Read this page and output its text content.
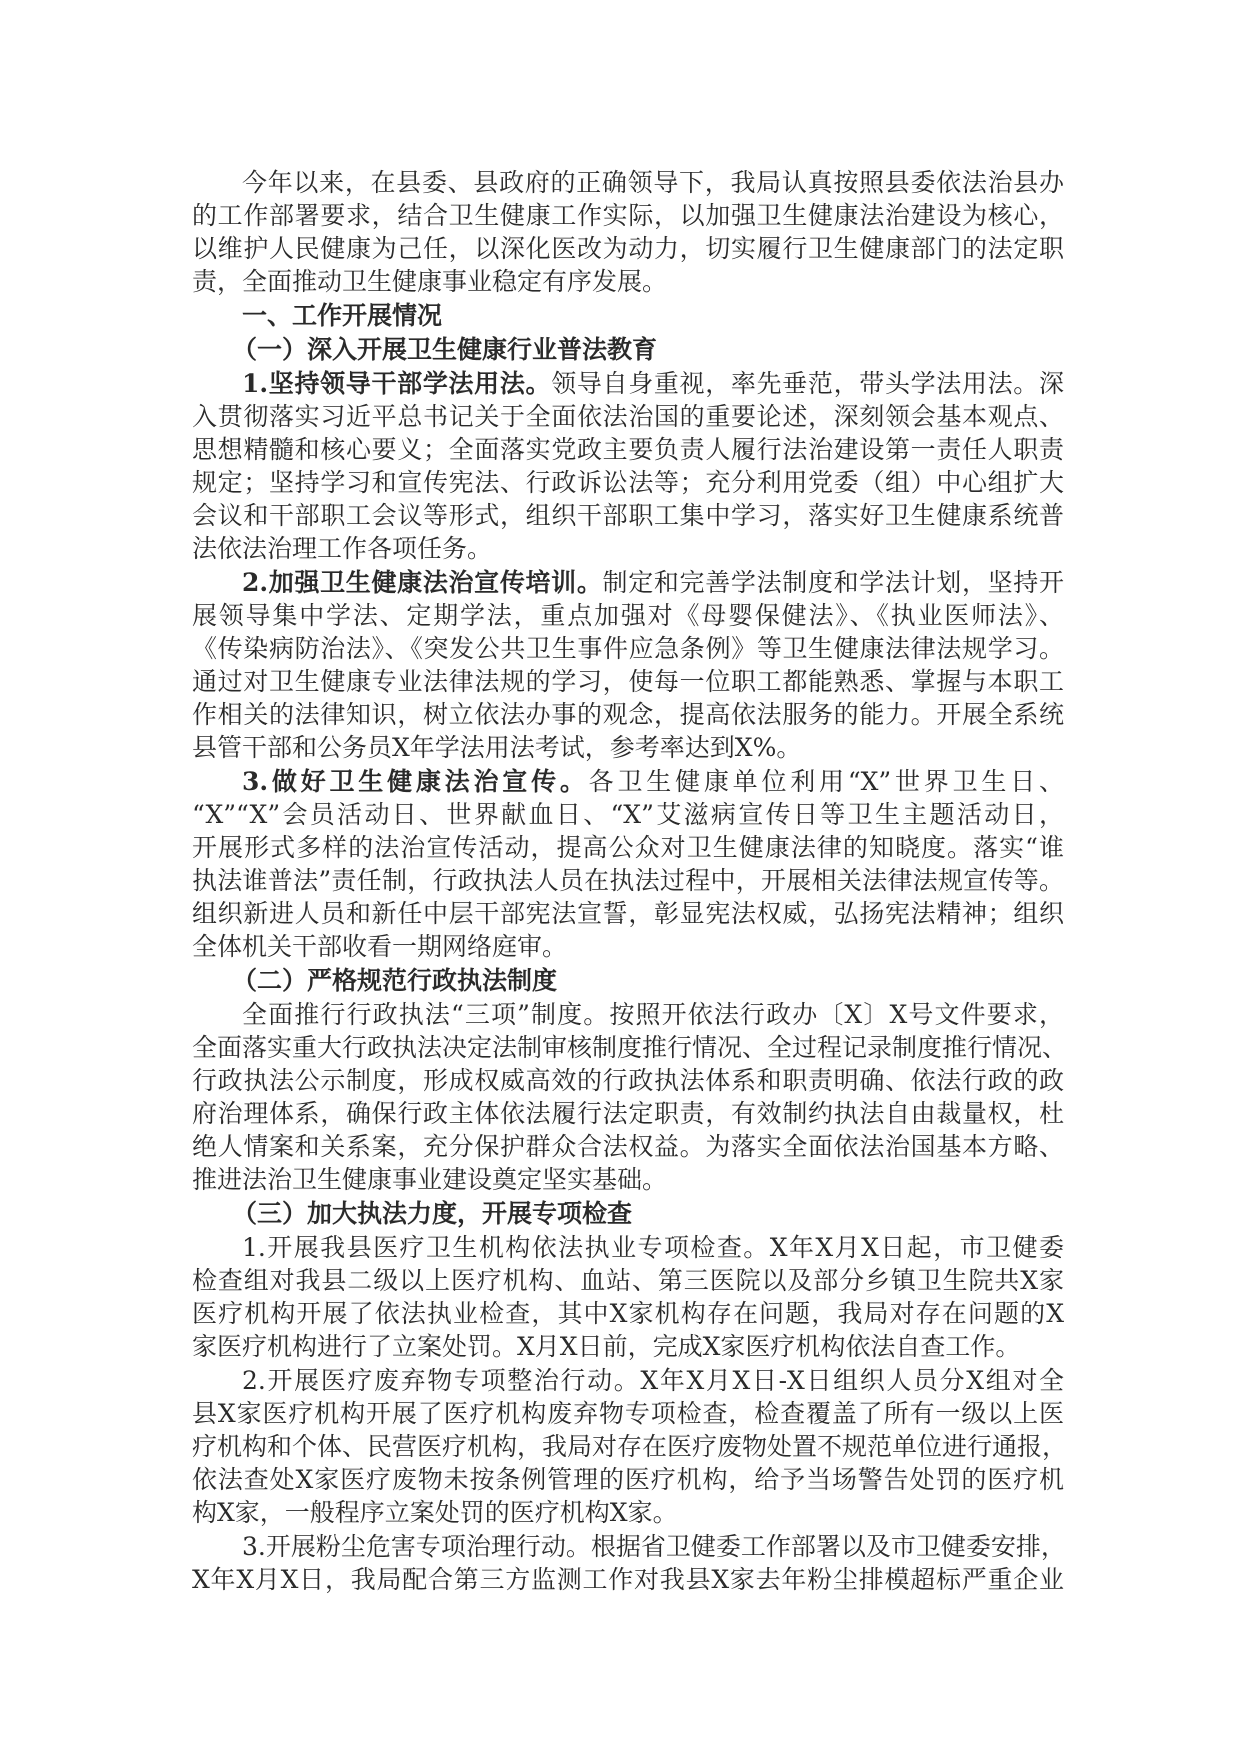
今年以来，在县委、县政府的正确领导下，我局认真按照县委依法治县办
的工作部署要求，结合卫生健康工作实际，以加强卫生健康法治建设为核心，
以维护人民健康为己任，以深化医改为动力，切实履行卫生健康部门的法定职
责，全面推动卫生健康事业稳定有序发展。
一、工作开展情况
（一）深入开展卫生健康行业普法教育
1.坚持领导干部学法用法。领导自身重视，率先垂范，带头学法用法。深
入贯彻落实习近平总书记关于全面依法治国的重要论述，深刻领会基本观点、
思想精髓和核心要义；全面落实党政主要负责人履行法治建设第一责任人职责
规定；坚持学习和宣传宪法、行政诉讼法等；充分利用党委（组）中心组扩大
会议和干部职工会议等形式，组织干部职工集中学习，落实好卫生健康系统普
法依法治理工作各项任务。
2.加强卫生健康法治宣传培训。制定和完善学法制度和学法计划，坚持开
展领导集中学法、定期学法，重点加强对《母婴保健法》、《执业医师法》、
《传染病防治法》、《突发公共卫生事件应急条例》等卫生健康法律法规学习。
通过对卫生健康专业法律法规的学习，使每一位职工都能熟悉、掌握与本职工
作相关的法律知识，树立依法办事的观念，提高依法服务的能力。开展全系统
县管干部和公务员X年学法用法考试，参考率达到X%。
3.做好卫生健康法治宣传。各卫生健康单位利用“X”世界卫生日、
“X”“X”会员活动日、世界献血日、“X”艾滋病宣传日等卫生主题活动日，
开展形式多样的法治宣传活动，提高公众对卫生健康法律的知晓度。落实“谁
执法谁普法”责任制，行政执法人员在执法过程中，开展相关法律法规宣传等。
组织新进人员和新任中层干部宪法宣誓，彰显宪法权威，弘扬宪法精神；组织
全体机关干部收看一期网络庭审。
（二）严格规范行政执法制度
全面推行行政执法“三项”制度。按照开依法行政办〔X〕X号文件要求，
全面落实重大行政执法决定法制审核制度推行情况、全过程记录制度推行情况、
行政执法公示制度，形成权威高效的行政执法体系和职责明确、依法行政的政
府治理体系，确保行政主体依法履行法定职责，有效制约执法自由裁量权，杜
绝人情案和关系案，充分保护群众合法权益。为落实全面依法治国基本方略、
推进法治卫生健康事业建设奠定坚实基础。
（三）加大执法力度，开展专项检查
1.开展我县医疗卫生机构依法执业专项检查。X年X月X日起，市卫健委
检查组对我县二级以上医疗机构、血站、第三医院以及部分乡镇卫生院共X家
医疗机构开展了依法执业检查，其中X家机构存在问题，我局对存在问题的X
家医疗机构进行了立案处罚。X月X日前，完成X家医疗机构依法自查工作。
2.开展医疗废弃物专项整治行动。X年X月X日-X日组织人员分X组对全
县X家医疗机构开展了医疗机构废弃物专项检查，检查覆盖了所有一级以上医
疗机构和个体、民营医疗机构，我局对存在医疗废物处置不规范单位进行通报，
依法查处X家医疗废物未按条例管理的医疗机构，给予当场警告处罚的医疗机
构X家，一般程序立案处罚的医疗机构X家。
3.开展粉尘危害专项治理行动。根据省卫健委工作部署以及市卫健委安排，
X年X月X日，我局配合第三方监测工作对我县X家去年粉尘排模超标严重企业
